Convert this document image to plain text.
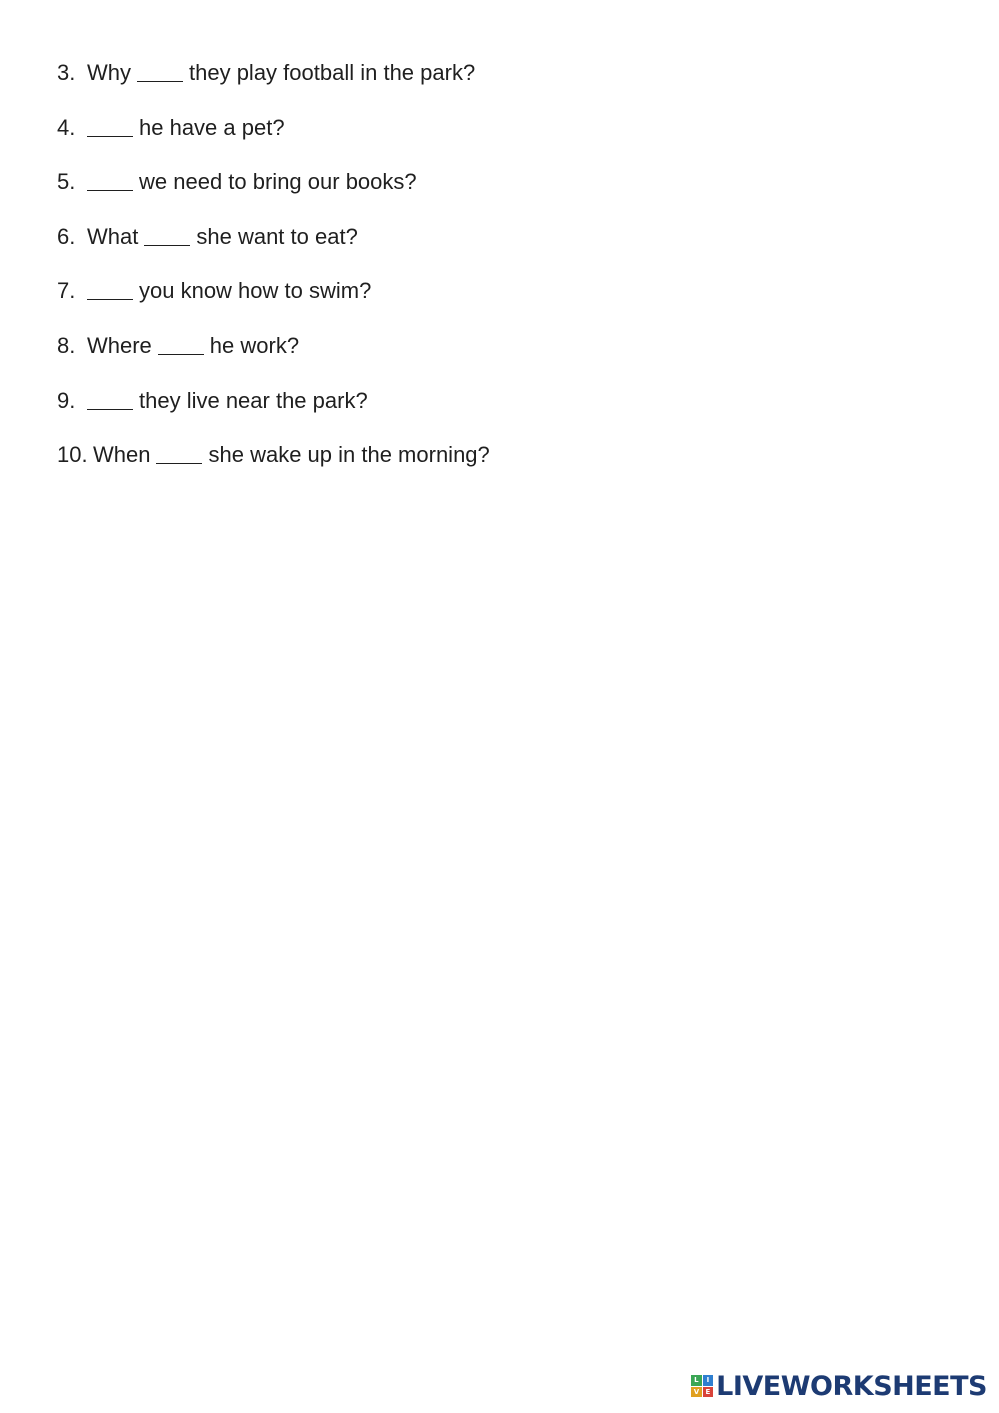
3. Why	they play football in the park?
4.	he have a pet?
5.	we need to bring our books?
6. What	she want to eat?
7.	you know how to swim?
8. Where	he work?
9.	they live near the park?
10. When	she wake up in the morning?
L	I
V E LIVEWORKSHEETS
